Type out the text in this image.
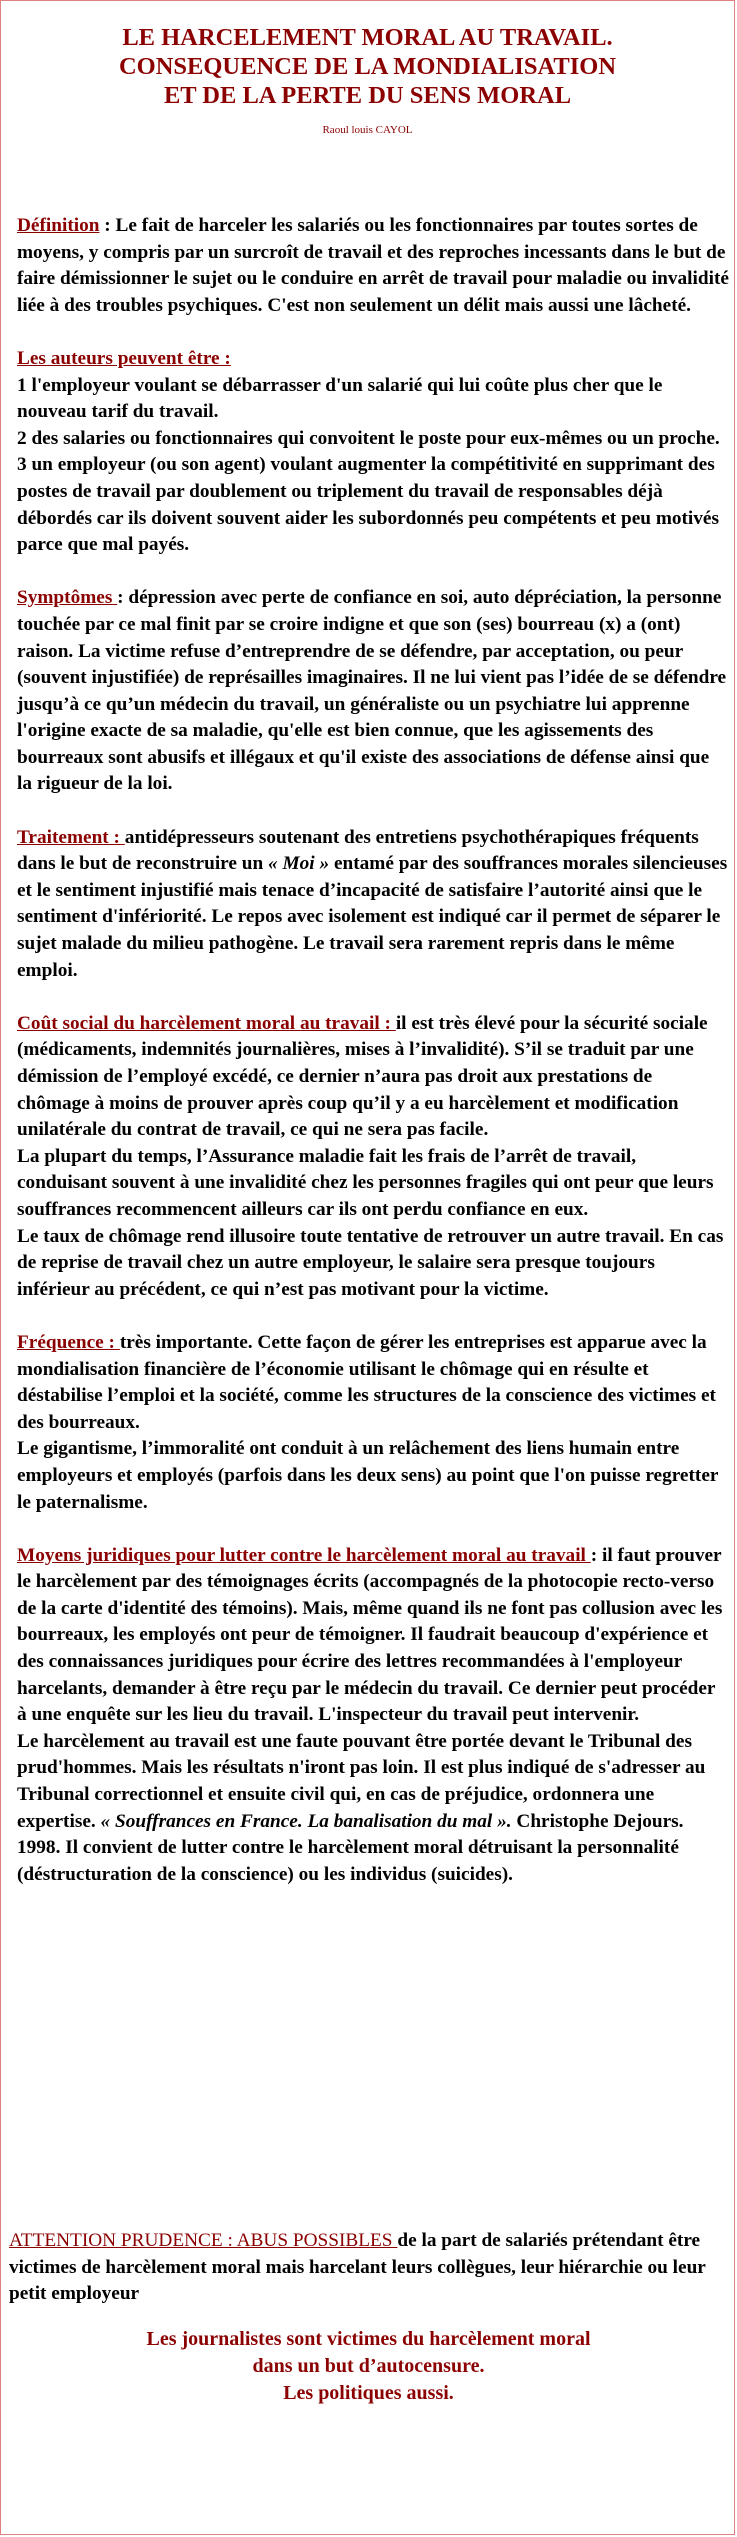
LE HARCELEMENT MORAL AU TRAVAIL.
CONSEQUENCE DE LA MONDIALISATION
ET DE LA PERTE DU SENS MORAL
Raoul louis CAYOL

Définition : Le fait de harceler les salariés ou les fonctionnaires par toutes sortes de moyens, y compris par un surcroît de travail et des reproches incessants dans le but de faire démissionner le sujet ou le conduire en arrêt de travail pour maladie ou invalidité liée à des troubles psychiques. C'est non seulement un délit mais aussi une lâcheté.

Les auteurs peuvent être :

1 l'employeur voulant se débarrasser d'un salarié qui lui coûte plus cher que le nouveau tarif du travail.

2 des salaries ou fonctionnaires qui convoitent le poste pour eux-mêmes ou un proche.

3 un employeur (ou son agent) voulant augmenter la compétitivité en supprimant des postes de travail par doublement ou triplement du travail de responsables déjà débordés car ils doivent souvent aider les subordonnés peu compétents et peu motivés parce que mal payés.

Symptômes : dépression avec perte de confiance en soi, auto dépréciation, la personne touchée par ce mal finit par se croire indigne et que son (ses) bourreau (x) a (ont) raison. La victime refuse d’entreprendre de se défendre, par acceptation, ou peur (souvent injustifiée) de représailles imaginaires. Il ne lui vient pas l’idée de se défendre jusqu’à ce qu’un médecin du travail, un généraliste ou un psychiatre lui apprenne l'origine exacte de sa maladie, qu'elle est bien connue, que les agissements des bourreaux sont abusifs et illégaux et qu'il existe des associations de défense ainsi que la rigueur de la loi.

Traitement : antidépresseurs soutenant des entretiens psychothérapiques fréquents dans le but de reconstruire un « Moi » entamé par des souffrances morales silencieuses et le sentiment injustifié mais tenace d’incapacité de satisfaire l’autorité ainsi que le sentiment d'infériorité. Le repos avec isolement est indiqué car il permet de séparer le sujet malade du milieu pathogène. Le travail sera rarement repris dans le même emploi.

Coût social du harcèlement moral au travail : il est très élevé pour la sécurité sociale (médicaments, indemnités journalières, mises à l’invalidité). S’il se traduit par une démission de l’employé excédé, ce dernier n’aura pas droit aux prestations de chômage à moins de prouver après coup qu’il y a eu harcèlement et modification unilatérale du contrat de travail, ce qui ne sera pas facile.

La plupart du temps, l’Assurance maladie fait les frais de l’arrêt de travail, conduisant souvent à une invalidité chez les personnes fragiles qui ont peur que leurs souffrances recommencent ailleurs car ils ont perdu confiance en eux.

Le taux de chômage rend illusoire toute tentative de retrouver un autre travail. En cas de reprise de travail chez un autre employeur, le salaire sera presque toujours inférieur au précédent, ce qui n’est pas motivant pour la victime.

Fréquence : très importante. Cette façon de gérer les entreprises est apparue avec la mondialisation financière de l’économie utilisant le chômage qui en résulte et déstabilise l’emploi et la société, comme les structures de la conscience des victimes et des bourreaux.

Le gigantisme, l’immoralité ont conduit à un relâchement des liens humain entre employeurs et employés (parfois dans les deux sens) au point que l'on puisse regretter le paternalisme.

Moyens juridiques pour lutter contre le harcèlement moral au travail : il faut prouver le harcèlement par des témoignages écrits (accompagnés de la photocopie recto-verso de la carte d'identité des témoins). Mais, même quand ils ne font pas collusion avec les bourreaux, les employés ont peur de témoigner. Il faudrait beaucoup d'expérience et des connaissances juridiques pour écrire des lettres recommandées à l'employeur harcelants, demander à être reçu par le médecin du travail. Ce dernier peut procéder à une enquête sur les lieu du travail. L'inspecteur du travail peut intervenir.

Le harcèlement au travail est une faute pouvant être portée devant le Tribunal des prud'hommes. Mais les résultats n'iront pas loin. Il est plus indiqué de s'adresser au Tribunal correctionnel et ensuite civil qui, en cas de préjudice, ordonnera une expertise. « Souffrances en France. La banalisation du mal ». Christophe Dejours. 1998. Il convient de lutter contre le harcèlement moral détruisant la personnalité (déstructuration de la conscience) ou les individus (suicides).

ATTENTION PRUDENCE : ABUS POSSIBLES de la part de salariés prétendant être victimes de harcèlement moral mais harcelant leurs collègues, leur hiérarchie ou leur petit employeur
Les journalistes sont victimes du harcèlement moral
dans un but d’autocensure.
Les politiques aussi.
